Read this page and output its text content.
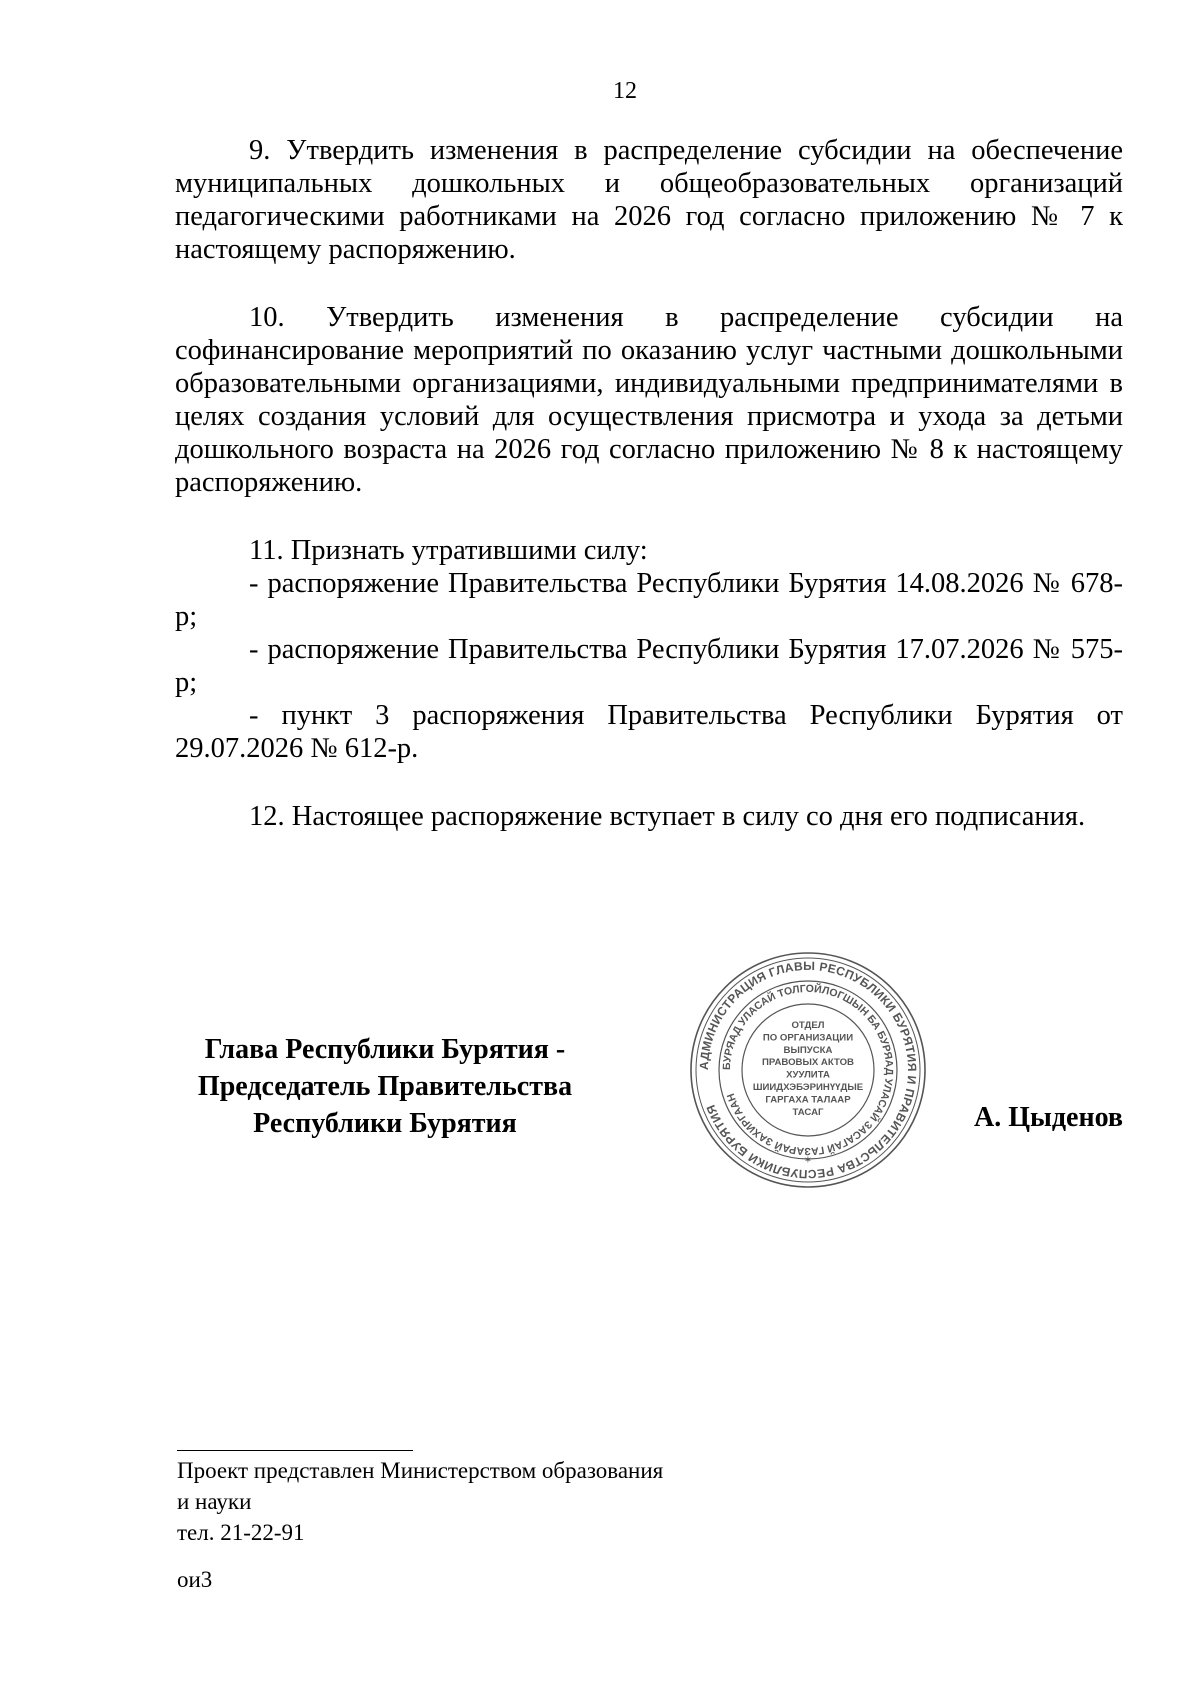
12

9. Утвердить изменения в распределение субсидии на обеспечение муниципальных дошкольных и общеобразовательных организаций педагогическими работниками на 2026 год согласно приложению № 7 к настоящему распоряжению.

10. Утвердить изменения в распределение субсидии на софинансирование мероприятий по оказанию услуг частными дошкольными образовательными организациями, индивидуальными предпринимателями в целях создания условий для осуществления присмотра и ухода за детьми дошкольного возраста на 2026 год согласно приложению № 8 к настоящему распоряжению.

11. Признать утратившими силу:

- распоряжение Правительства Республики Бурятия 14.08.2026 № 678-р;

- распоряжение Правительства Республики Бурятия 17.07.2026 № 575-р;

- пункт 3 распоряжения Правительства Республики Бурятия от 29.07.2026 № 612-р.

12. Настоящее распоряжение вступает в силу со дня его подписания.

Глава Республики Бурятия -
Председатель Правительства
Республики Бурятия
АДМИНИСТРАЦИЯ ГЛАВЫ РЕСПУБЛИКИ БУРЯТИЯ И ПРАВИТЕЛЬСТВА РЕСПУБЛИКИ БУРЯТИЯ
БУРЯАД УЛАСАЙ ТОЛГОЙЛОГШЫН БА БУРЯАД УЛАСАЙ ЗАСАГАЙ ГАЗАРАЙ ЗАХИРГААН
ОТДЕЛ
ПО ОРГАНИЗАЦИИ
ВЫПУСКА
ПРАВОВЫХ АКТОВ
ХУУЛИТА
ШИИДХЭБЭРИНҮҮДЫЕ
ГАРГАХА ТАЛААР
ТАСАГ
✶
А. Цыденов
Проект представлен Министерством образования
и науки
тел. 21-22-91
ои3
